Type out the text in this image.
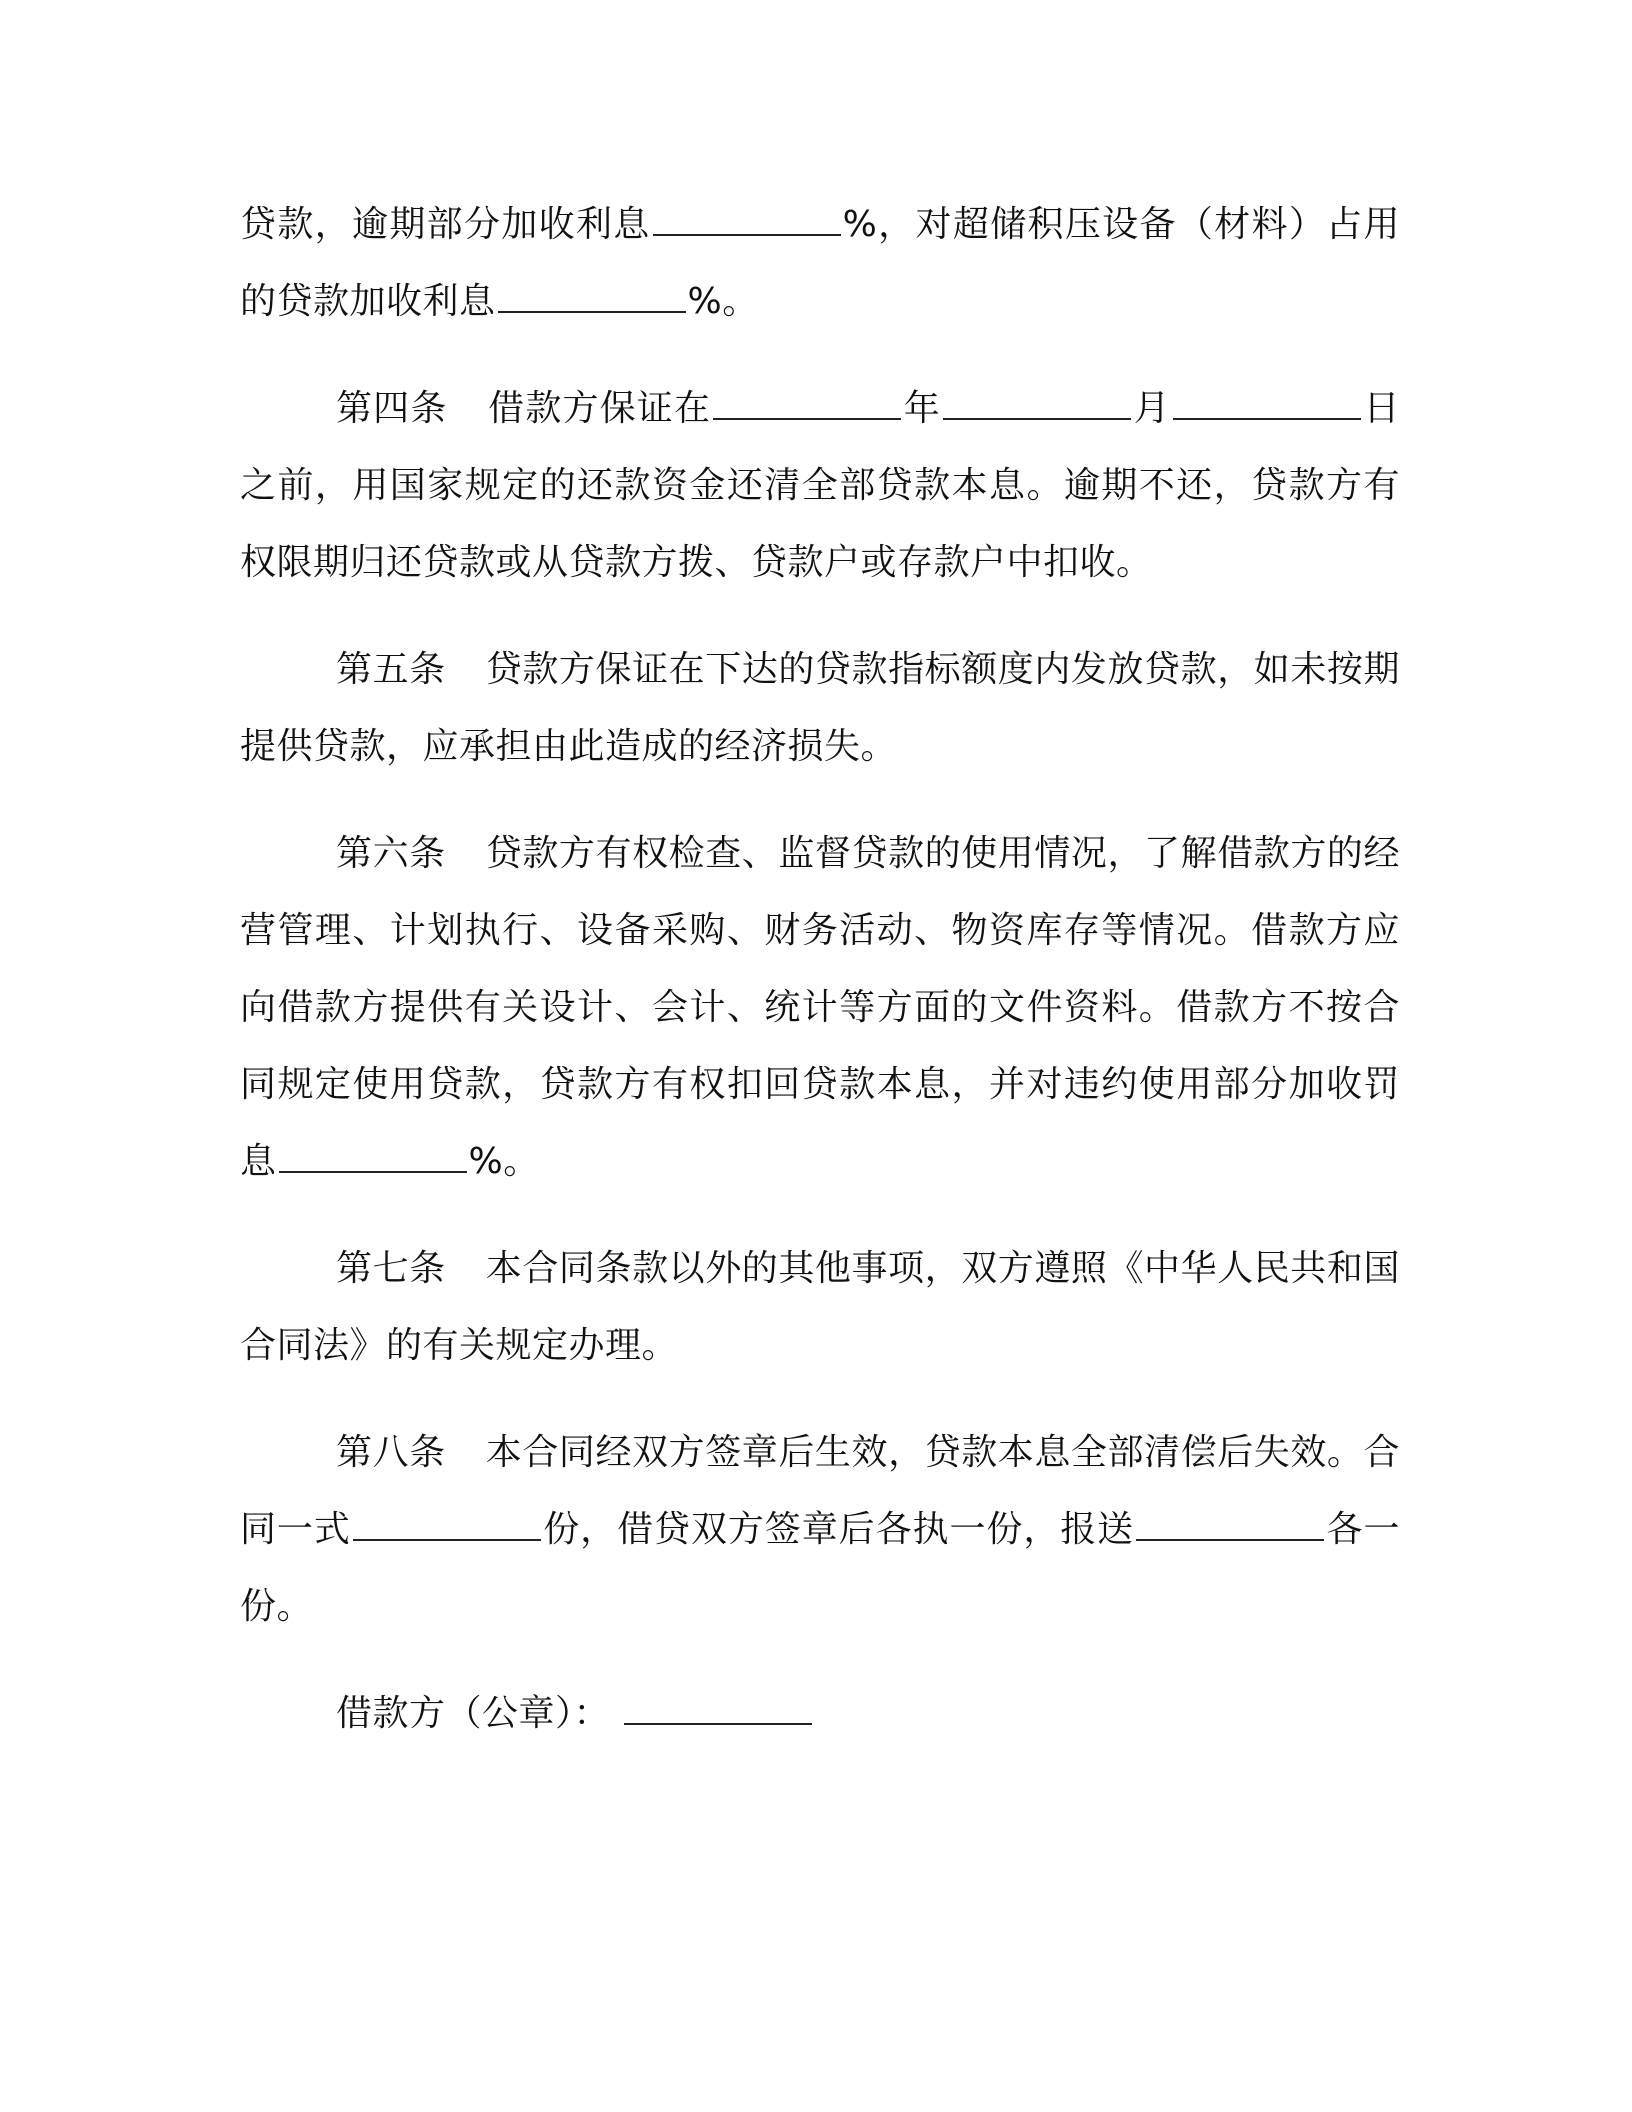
贷款，逾期部分加收利息	%，对超储积压设备（材料）占用的贷款加收利息	%。

第四条 借款方保证在	年	月	日之前，用国家规定的还款资金还清全部贷款本息。逾期不还，贷款方有权限期归还贷款或从贷款方拨、贷款户或存款户中扣收。

第五条 贷款方保证在下达的贷款指标额度内发放贷款，如未按期提供贷款，应承担由此造成的经济损失。

第六条 贷款方有权检查、监督贷款的使用情况，了解借款方的经营管理、计划执行、设备采购、财务活动、物资库存等情况。借款方应向借款方提供有关设计、会计、统计等方面的文件资料。借款方不按合同规定使用贷款，贷款方有权扣回贷款本息，并对违约使用部分加收罚息	%。

第七条 本合同条款以外的其他事项，双方遵照《中华人民共和国合同法》的有关规定办理。

第八条 本合同经双方签章后生效，贷款本息全部清偿后失效。合同一式	份，借贷双方签章后各执一份，报送	各一份。

借款方（公章）：
